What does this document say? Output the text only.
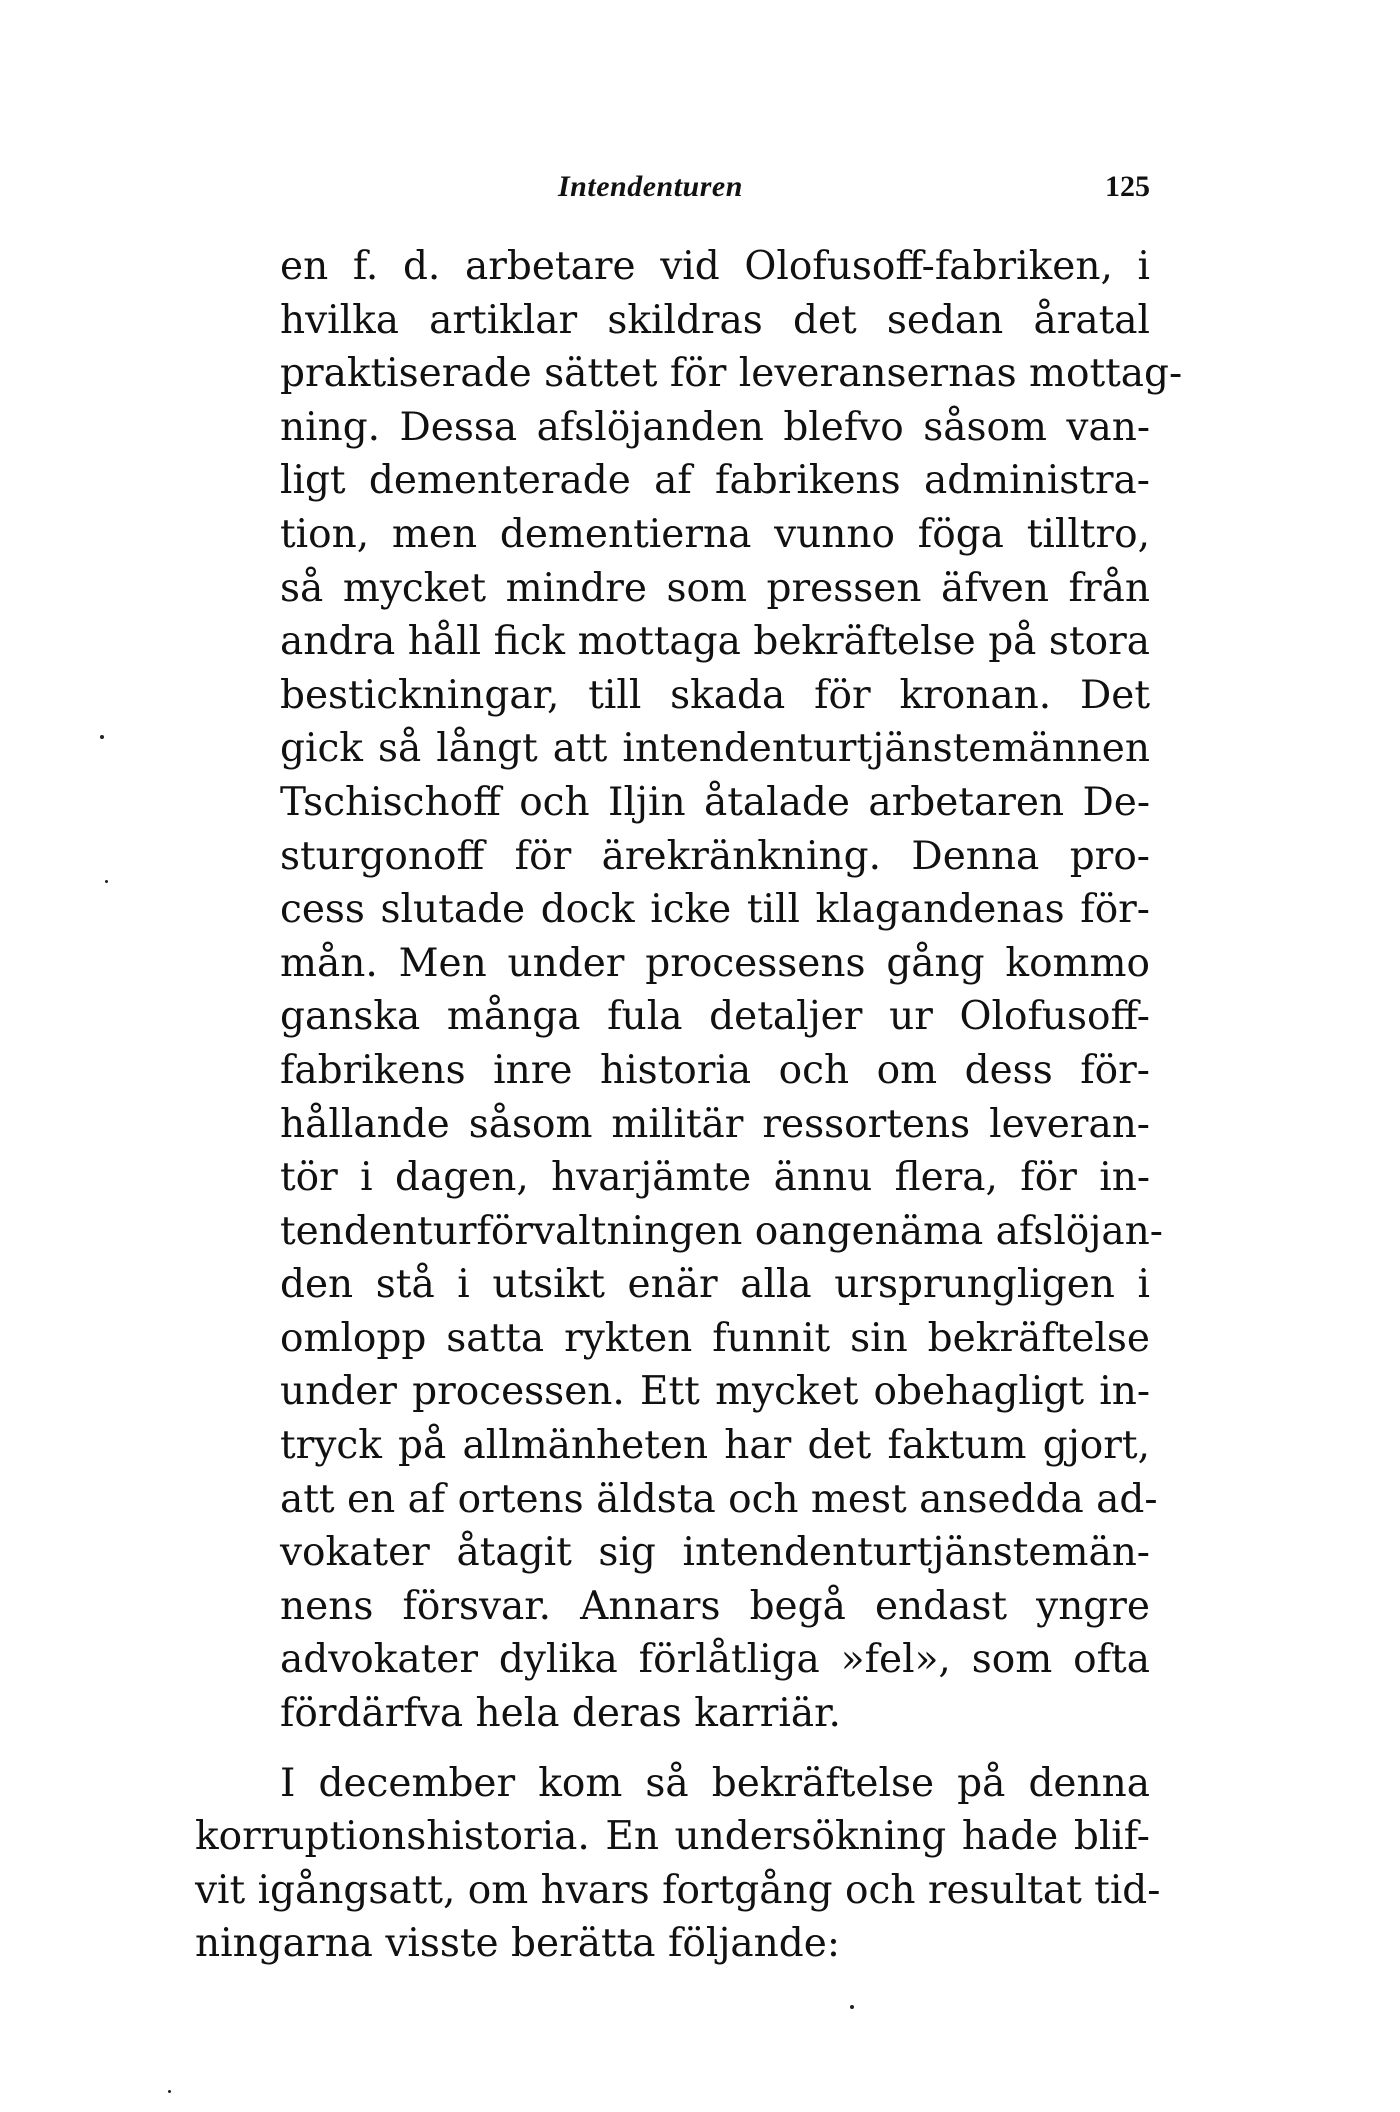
Intendenturen	125
en f. d. arbetare vid Olofusoff-fabriken, i
hvilka artiklar skildras det sedan åratal
praktiserade sättet för leveransernas mottag-
ning. Dessa afslöjanden blefvo såsom van-
ligt dementerade af fabrikens administra-
tion, men dementierna vunno föga tilltro,
så mycket mindre som pressen äfven från
andra håll fick mottaga bekräftelse på stora
bestickningar, till skada för kronan. Det
gick så långt att intendenturtjänstemännen
Tschischoff och Iljin åtalade arbetaren De-
sturgonoff för ärekränkning. Denna pro-
cess slutade dock icke till klagandenas för-
mån. Men under processens gång kommo
ganska många fula detaljer ur Olofusoff-
fabrikens inre historia och om dess för-
hållande såsom militär ressortens leveran-
tör i dagen, hvarjämte ännu flera, för in-
tendenturförvaltningen oangenäma afslöjan-
den stå i utsikt enär alla ursprungligen i
omlopp satta rykten funnit sin bekräftelse
under processen. Ett mycket obehagligt in-
tryck på allmänheten har det faktum gjort,
att en af ortens äldsta och mest ansedda ad-
vokater åtagit sig intendenturtjänstemän-
nens försvar. Annars begå endast yngre
advokater dylika förlåtliga »fel», som ofta
fördärfva hela deras karriär.
I december kom så bekräftelse på denna
korruptionshistoria. En undersökning hade blif-
vit igångsatt, om hvars fortgång och resultat tid-
ningarna visste berätta följande:
